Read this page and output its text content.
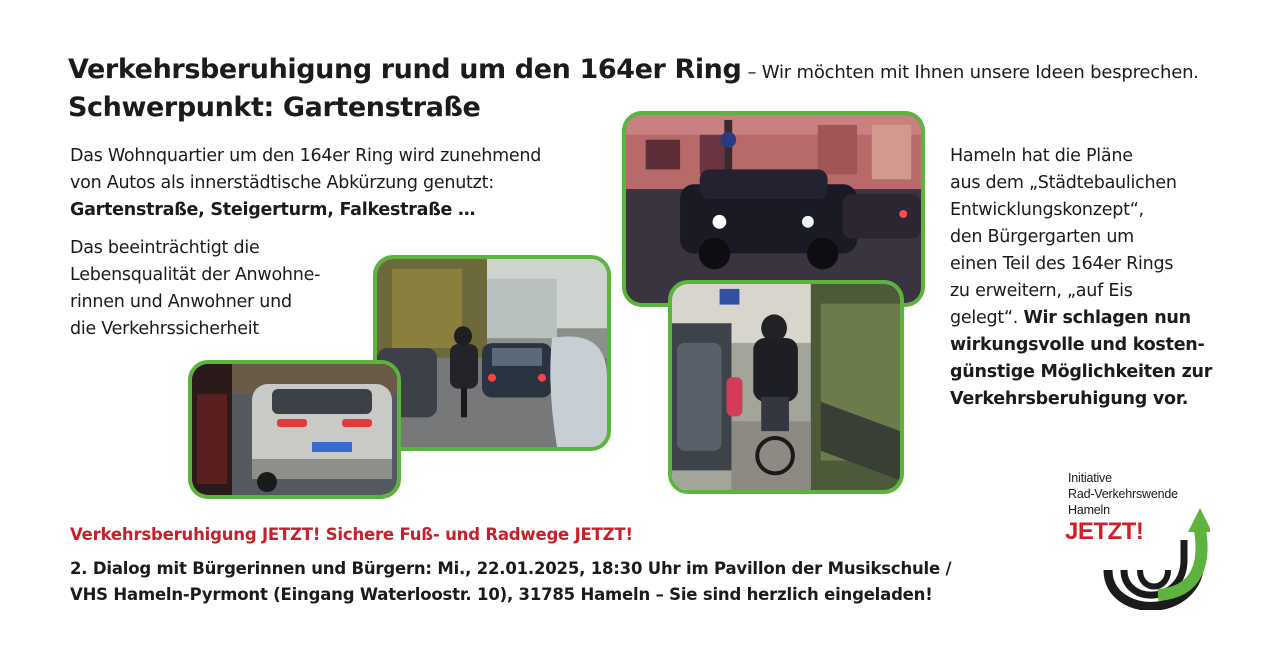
Verkehrsberuhigung rund um den 164er Ring – Wir möchten mit Ihnen unsere Ideen besprechen.
Schwerpunkt: Gartenstraße
Das Wohnquartier um den 164er Ring wird zunehmend
von Autos als innerstädtische Abkürzung genutzt:
Gartenstraße, Steigerturm, Falkestraße …
Das beeinträchtigt die
Lebensqualität der Anwohne-
rinnen und Anwohner und
die Verkehrssicherheit
Hameln hat die Pläne
aus dem „Städtebaulichen
Entwicklungskonzept“,
den Bürgergarten um
einen Teil des 164er Rings
zu erweitern, „auf Eis
gelegt“. Wir schlagen nun
wirkungsvolle und kosten-
günstige Möglichkeiten zur
Verkehrsberuhigung vor.
Verkehrsberuhigung JETZT! Sichere Fuß- und Radwege JETZT!
2. Dialog mit Bürgerinnen und Bürgern: Mi., 22.01.2025, 18:30 Uhr im Pavillon der Musikschule /
VHS Hameln-Pyrmont (Eingang Waterloostr. 10), 31785 Hameln – Sie sind herzlich eingeladen!
Initiative
Rad-Verkehrswende
Hameln
JETZT!
